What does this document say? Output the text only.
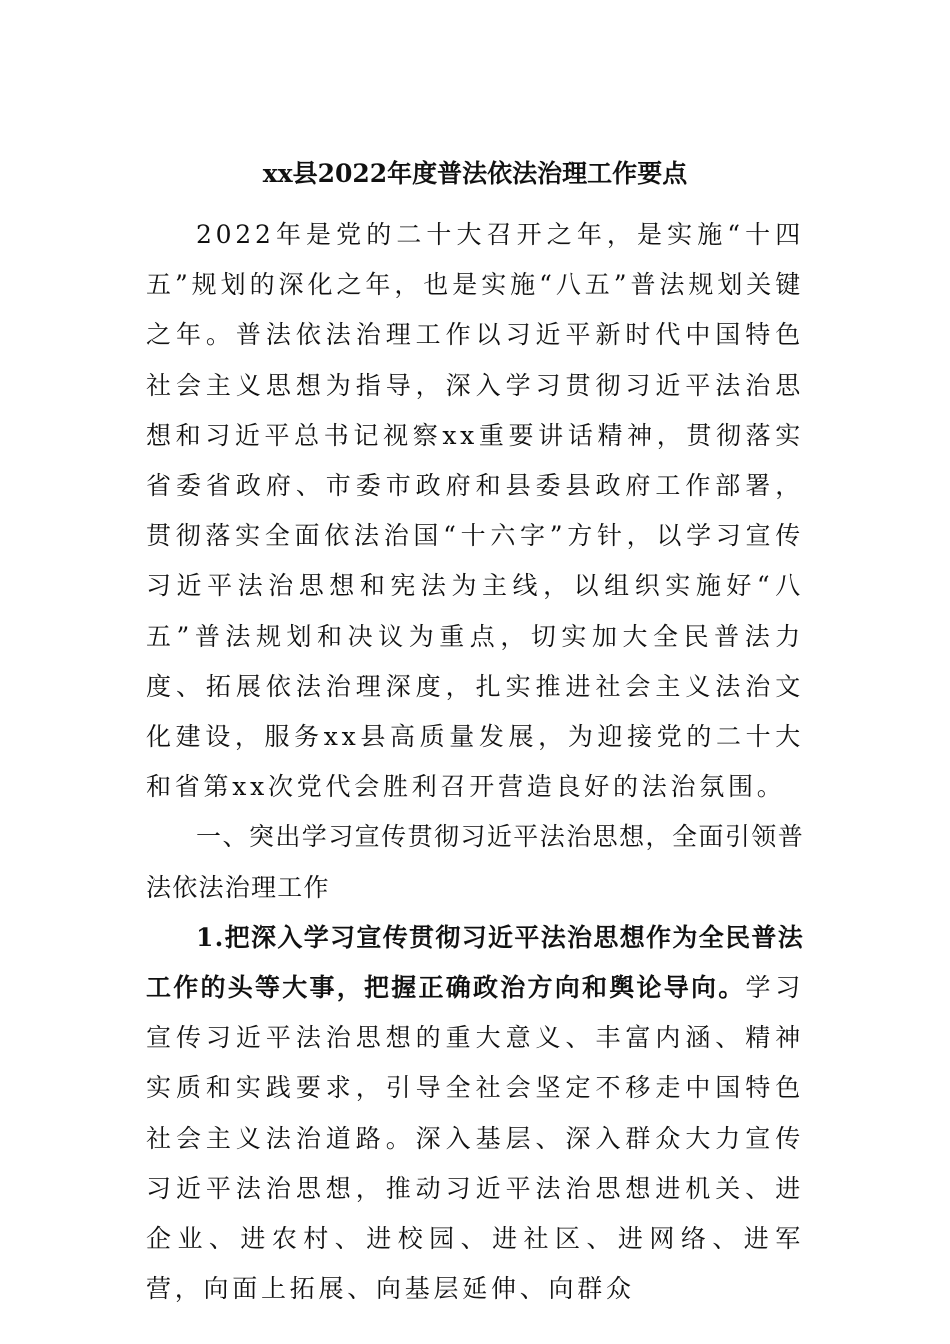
xx县2022年度普法依法治理工作要点

2022年是党的二十大召开之年，是实施“十四五”规划的深化之年，也是实施“八五”普法规划关键之年。普法依法治理工作以习近平新时代中国特色社会主义思想为指导，深入学习贯彻习近平法治思想和习近平总书记视察xx重要讲话精神，贯彻落实省委省政府、市委市政府和县委县政府工作部署，贯彻落实全面依法治国“十六字”方针，以学习宣传习近平法治思想和宪法为主线，以组织实施好“八五”普法规划和决议为重点，切实加大全民普法力度、拓展依法治理深度，扎实推进社会主义法治文化建设，服务xx县高质量发展，为迎接党的二十大和省第xx次党代会胜利召开营造良好的法治氛围。

一、突出学习宣传贯彻习近平法治思想，全面引领普法依法治理工作

1.把深入学习宣传贯彻习近平法治思想作为全民普法工作的头等大事，把握正确政治方向和舆论导向。学习宣传习近平法治思想的重大意义、丰富内涵、精神实质和实践要求，引导全社会坚定不移走中国特色社会主义法治道路。深入基层、深入群众大力宣传习近平法治思想，推动习近平法治思想进机关、进企业、进农村、进校园、进社区、进网络、进军营，向面上拓展、向基层延伸、向群众
